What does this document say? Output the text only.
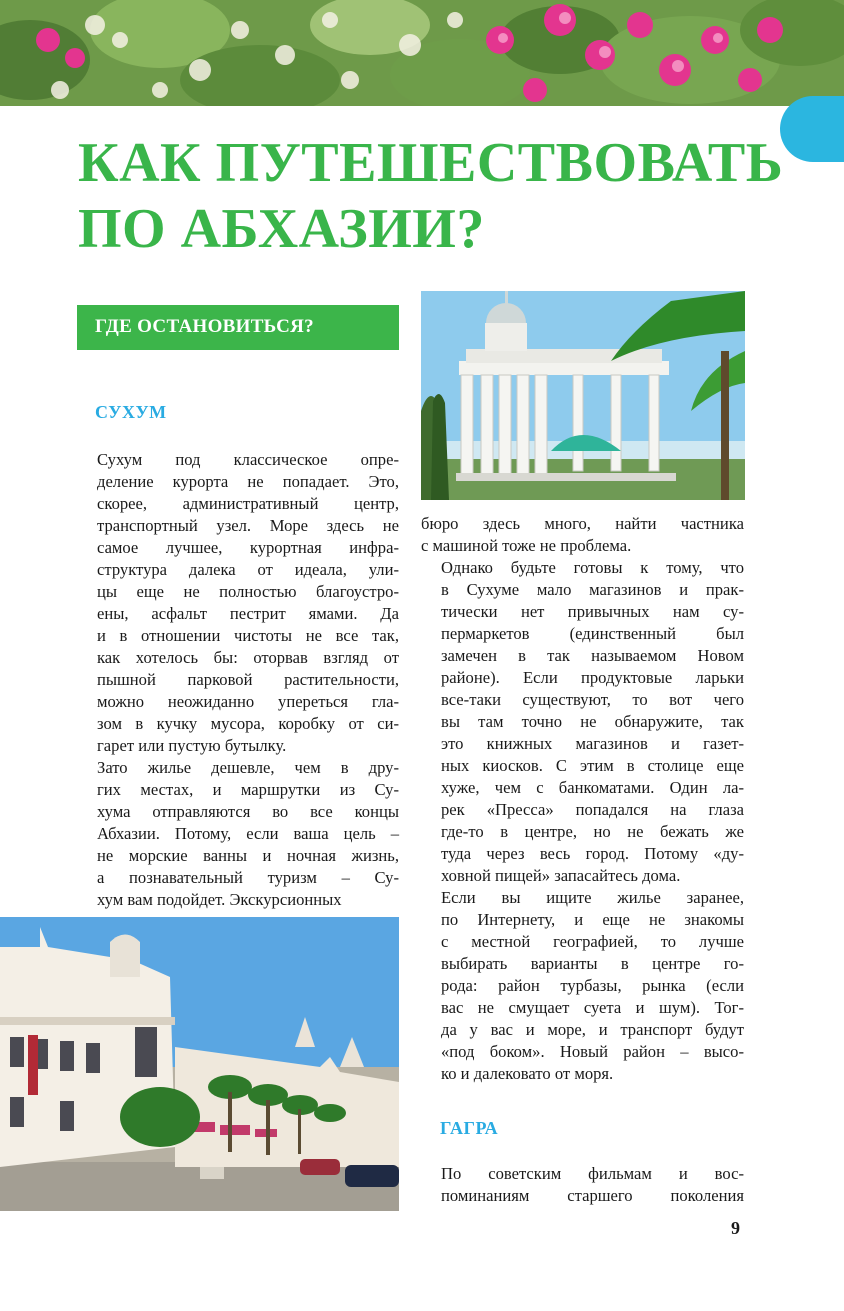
КАК ПУТЕШЕСТВОВАТЬ
ПО АБХАЗИИ?
ГДЕ ОСТАНОВИТЬСЯ?
СУХУМ
ГАГРА

Сухум под классическое опре-
деление курорта не попадает. Это,
скорее, административный центр,
транспортный узел. Море здесь не
самое лучшее, курортная инфра-
структура далека от идеала, ули-
цы еще не полностью благоустро-
ены, асфальт пестрит ямами. Да
и в отношении чистоты не все так,
как хотелось бы: оторвав взгляд от
пышной парковой растительности,
можно неожиданно упереться гла-
зом в кучку мусора, коробку от си-
гарет или пустую бутылку.

Зато жилье дешевле, чем в дру-
гих местах, и маршрутки из Су-
хума отправляются во все концы
Абхазии. Потому, если ваша цель –
не морские ванны и ночная жизнь,
а познавательный туризм – Су-
хум вам подойдет. Экскурсионных

бюро здесь много, найти частника
с машиной тоже не проблема.

Однако будьте готовы к тому, что
в Сухуме мало магазинов и прак-
тически нет привычных нам су-
пермаркетов (единственный был
замечен в так называемом Новом
районе). Если продуктовые ларьки
все-таки существуют, то вот чего
вы там точно не обнаружите, так
это книжных магазинов и газет-
ных киосков. С этим в столице еще
хуже, чем с банкоматами. Один ла-
рек «Пресса» попадался на глаза
где-то в центре, но не бежать же
туда через весь город. Потому «ду-
ховной пищей» запасайтесь дома.

Если вы ищите жилье заранее,
по Интернету, и еще не знакомы
с местной географией, то лучше
выбирать варианты в центре го-
рода: район турбазы, рынка (если
вас не смущает суета и шум). Тог-
да у вас и море, и транспорт будут
«под боком». Новый район – высо-
ко и далековато от моря.

По советским фильмам и вос-
поминаниям старшего поколения

9
